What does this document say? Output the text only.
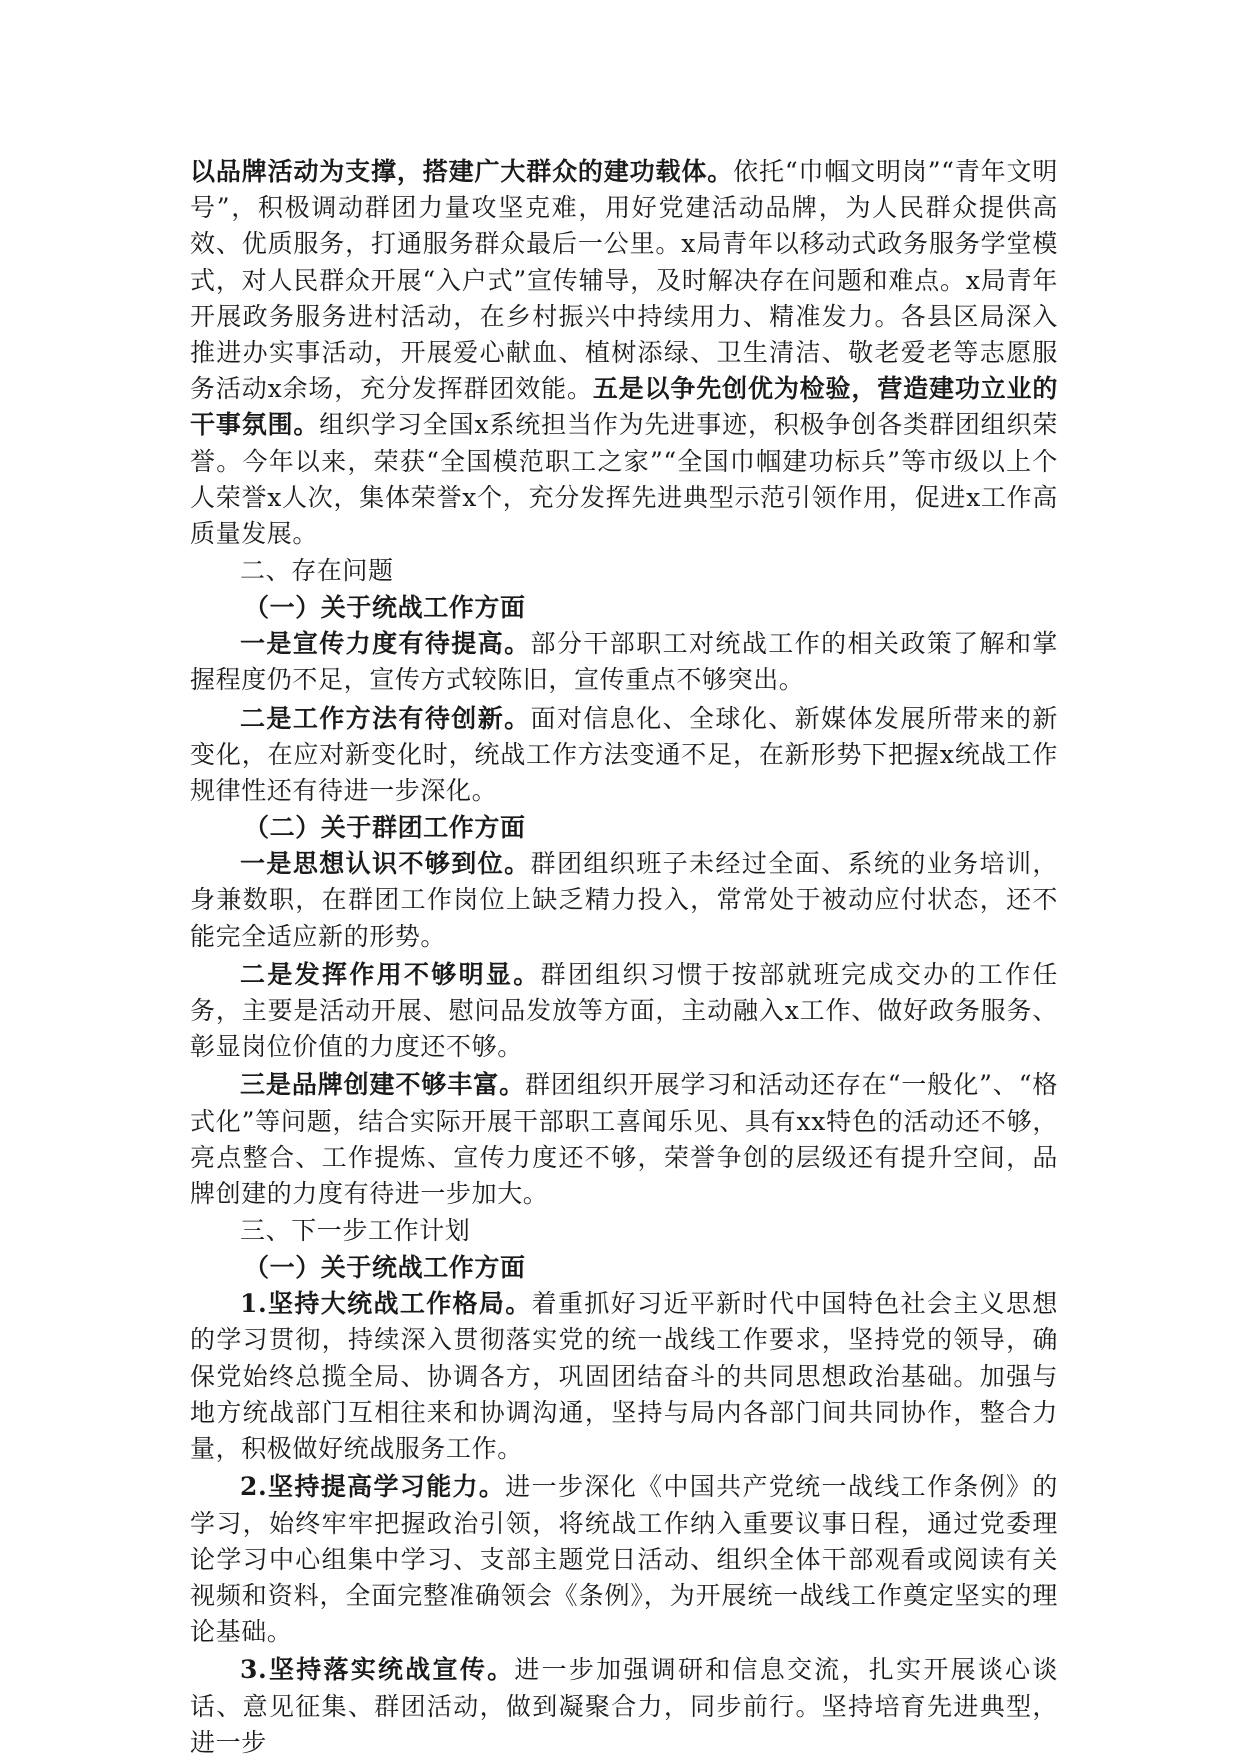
以品牌活动为支撑，搭建广大群众的建功载体。依托“巾帼文明岗”“青年文明号”，积极调动群团力量攻坚克难，用好党建活动品牌，为人民群众提供高效、优质服务，打通服务群众最后一公里。x局青年以移动式政务服务学堂模式，对人民群众开展“入户式”宣传辅导，及时解决存在问题和难点。x局青年开展政务服务进村活动，在乡村振兴中持续用力、精准发力。各县区局深入推进办实事活动，开展爱心献血、植树添绿、卫生清洁、敬老爱老等志愿服务活动x余场，充分发挥群团效能。五是以争先创优为检验，营造建功立业的干事氛围。组织学习全国x系统担当作为先进事迹，积极争创各类群团组织荣誉。今年以来，荣获“全国模范职工之家”“全国巾帼建功标兵”等市级以上个人荣誉x人次，集体荣誉x个，充分发挥先进典型示范引领作用，促进x工作高质量发展。

二、存在问题

（一）关于统战工作方面

一是宣传力度有待提高。部分干部职工对统战工作的相关政策了解和掌握程度仍不足，宣传方式较陈旧，宣传重点不够突出。

二是工作方法有待创新。面对信息化、全球化、新媒体发展所带来的新变化，在应对新变化时，统战工作方法变通不足，在新形势下把握x统战工作规律性还有待进一步深化。

（二）关于群团工作方面

一是思想认识不够到位。群团组织班子未经过全面、系统的业务培训，身兼数职，在群团工作岗位上缺乏精力投入，常常处于被动应付状态，还不能完全适应新的形势。

二是发挥作用不够明显。群团组织习惯于按部就班完成交办的工作任务，主要是活动开展、慰问品发放等方面，主动融入x工作、做好政务服务、彰显岗位价值的力度还不够。

三是品牌创建不够丰富。群团组织开展学习和活动还存在“一般化”、“格式化”等问题，结合实际开展干部职工喜闻乐见、具有xx特色的活动还不够，亮点整合、工作提炼、宣传力度还不够，荣誉争创的层级还有提升空间，品牌创建的力度有待进一步加大。

三、下一步工作计划

（一）关于统战工作方面

1.坚持大统战工作格局。着重抓好习近平新时代中国特色社会主义思想的学习贯彻，持续深入贯彻落实党的统一战线工作要求，坚持党的领导，确保党始终总揽全局、协调各方，巩固团结奋斗的共同思想政治基础。加强与地方统战部门互相往来和协调沟通，坚持与局内各部门间共同协作，整合力量，积极做好统战服务工作。

2.坚持提高学习能力。进一步深化《中国共产党统一战线工作条例》的学习，始终牢牢把握政治引领，将统战工作纳入重要议事日程，通过党委理论学习中心组集中学习、支部主题党日活动、组织全体干部观看或阅读有关视频和资料，全面完整准确领会《条例》，为开展统一战线工作奠定坚实的理论基础。

3.坚持落实统战宣传。进一步加强调研和信息交流，扎实开展谈心谈话、意见征集、群团活动，做到凝聚合力，同步前行。坚持培育先进典型，进一步
